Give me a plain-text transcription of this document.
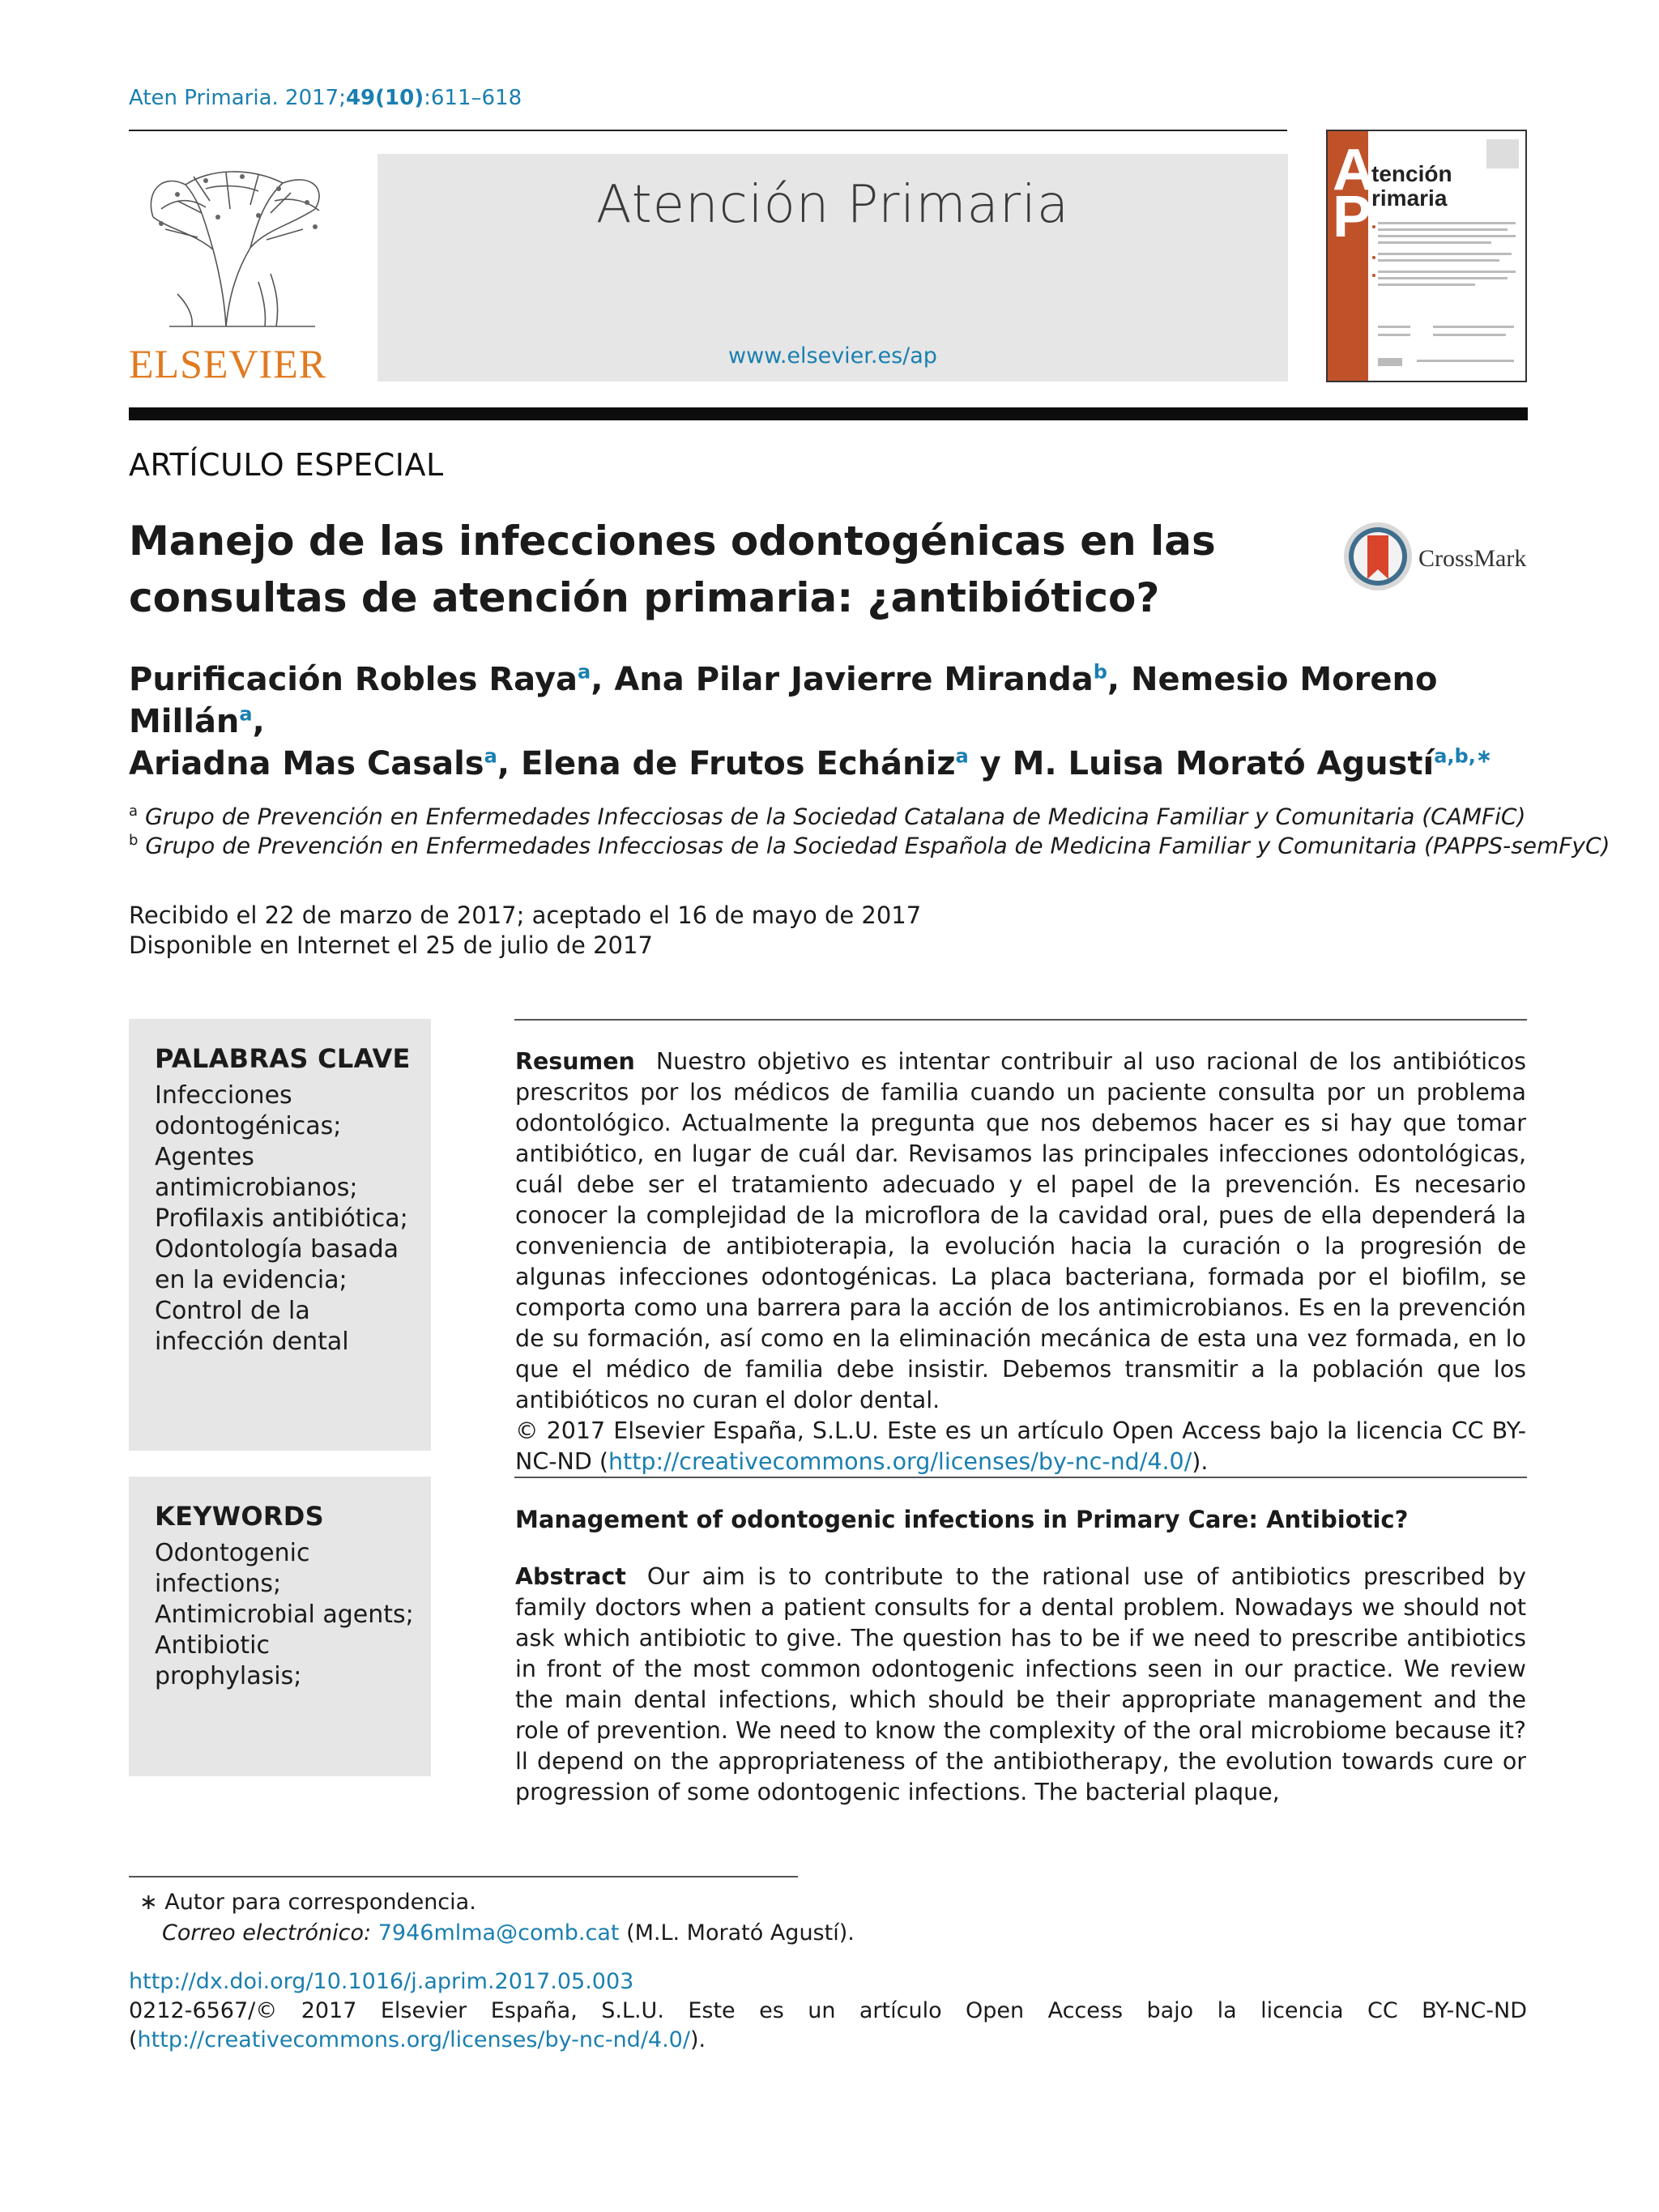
Aten Primaria. 2017;49(10):611–618
ELSEVIER
Atención Primaria
www.elsevier.es/ap
A
P
tención
rimaria
ARTÍCULO ESPECIAL
Manejo de las infecciones odontogénicas en las consultas de atención primaria: ¿antibiótico?
CrossMark
Purificación Robles Raya$^a$, Ana Pilar Javierre Miranda$^b$, Nemesio Moreno Millán$^a$,
Ariadna Mas Casals$^a$, Elena de Frutos Echániz$^a$ y M. Luisa Morató Agustí$^{a,b,∗}$
$^a$ Grupo de Prevención en Enfermedades Infecciosas de la Sociedad Catalana de Medicina Familiar y Comunitaria (CAMFiC)
$^b$ Grupo de Prevención en Enfermedades Infecciosas de la Sociedad Española de Medicina Familiar y Comunitaria (PAPPS-semFyC)
Recibido el 22 de marzo de 2017; aceptado el 16 de mayo de 2017
Disponible en Internet el 25 de julio de 2017
PALABRAS CLAVE
Infecciones
odontogénicas;
Agentes
antimicrobianos;
Profilaxis antibiótica;
Odontología basada
en la evidencia;
Control de la
infección dental
KEYWORDS
Odontogenic
infections;
Antimicrobial agents;
Antibiotic
prophylasis;
Resumen Nuestro objetivo es intentar contribuir al uso racional de los antibióticos prescritos por los médicos de familia cuando un paciente consulta por un problema odontológico. Actualmente la pregunta que nos debemos hacer es si hay que tomar antibiótico, en lugar de cuál dar. Revisamos las principales infecciones odontológicas, cuál debe ser el tratamiento adecuado y el papel de la prevención. Es necesario conocer la complejidad de la microflora de la cavidad oral, pues de ella dependerá la conveniencia de antibioterapia, la evolución hacia la curación o la progresión de algunas infecciones odontogénicas. La placa bacteriana, formada por el biofilm, se comporta como una barrera para la acción de los antimicrobianos. Es en la prevención de su formación, así como en la eliminación mecánica de esta una vez formada, en lo que el médico de familia debe insistir. Debemos transmitir a la población que los antibióticos no curan el dolor dental.
© 2017 Elsevier España, S.L.U. Este es un artículo Open Access bajo la licencia CC BY-NC-ND (http://creativecommons.org/licenses/by-nc-nd/4.0/).
Management of odontogenic infections in Primary Care: Antibiotic?
Abstract Our aim is to contribute to the rational use of antibiotics prescribed by family doctors when a patient consults for a dental problem. Nowadays we should not ask which antibiotic to give. The question has to be if we need to prescribe antibiotics in front of the most common odontogenic infections seen in our practice. We review the main dental infections, which should be their appropriate management and the role of prevention. We need to know the complexity of the oral microbiome because it?ll depend on the appropriateness of the antibiotherapy, the evolution towards cure or progression of some odontogenic infections. The bacterial plaque,
∗ Autor para correspondencia.
Correo electrónico: 7946mlma@comb.cat (M.L. Morató Agustí).
http://dx.doi.org/10.1016/j.aprim.2017.05.003
0212-6567/© 2017 Elsevier España, S.L.U. Este es un artículo Open Access bajo la licencia CC BY-NC-ND (http://creativecommons.org/licenses/by-nc-nd/4.0/).
